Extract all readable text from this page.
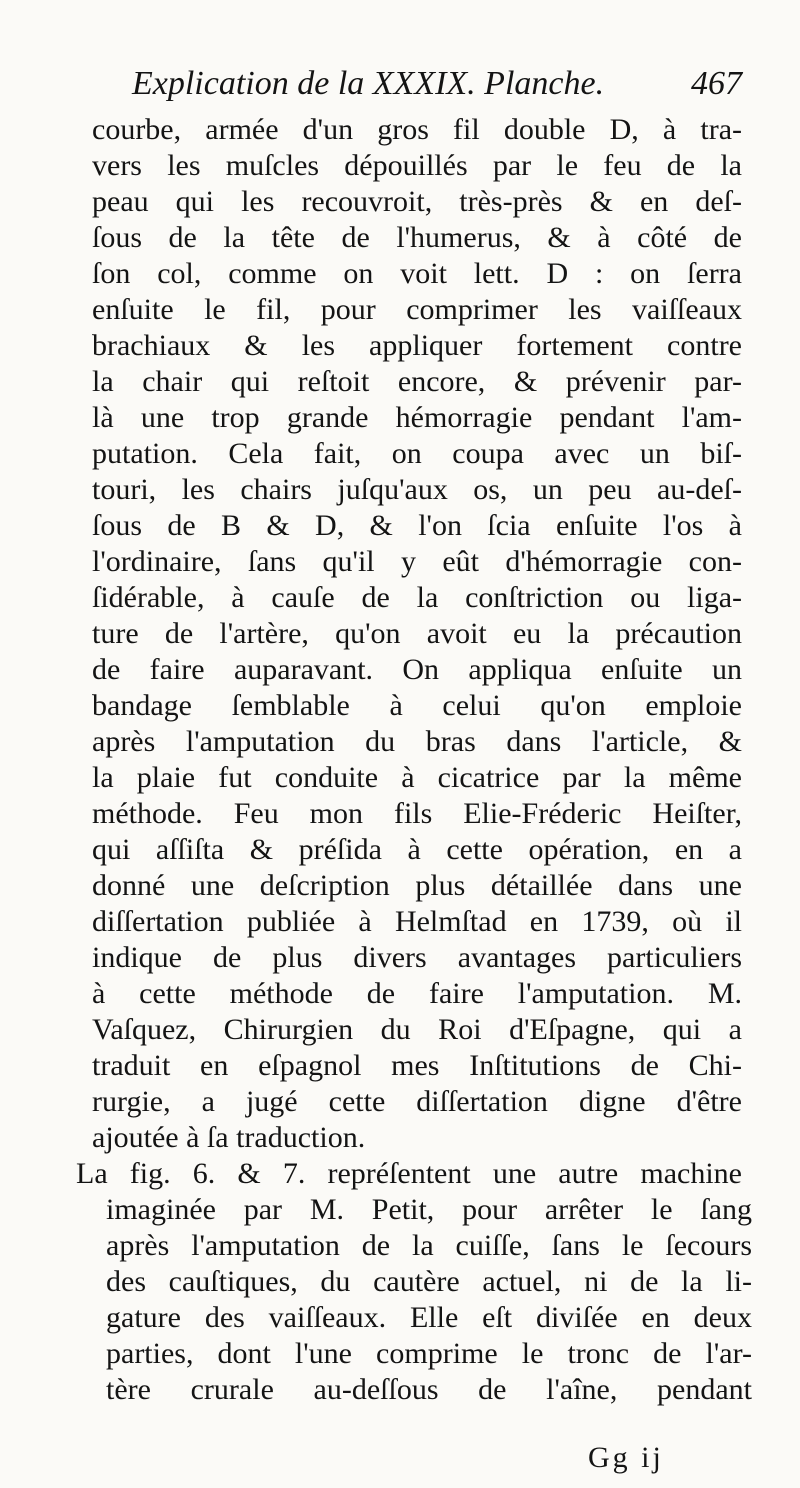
Explication de la XXXIX. Planche.	467
courbe, armée d'un gros fil double D, à tra-
vers les muſcles dépouillés par le feu de la
peau qui les recouvroit, très-près & en deſ-
ſous de la tête de l'humerus, & à côté de
ſon col, comme on voit lett. D : on ſerra
enſuite le fil, pour comprimer les vaiſſeaux
brachiaux & les appliquer fortement contre
la chair qui reſtoit encore, & prévenir par-
là une trop grande hémorragie pendant l'am-
putation. Cela fait, on coupa avec un biſ-
touri, les chairs juſqu'aux os, un peu au-deſ-
ſous de B & D, & l'on ſcia enſuite l'os à
l'ordinaire, ſans qu'il y eût d'hémorragie con-
ſidérable, à cauſe de la conſtriction ou liga-
ture de l'artère, qu'on avoit eu la précaution
de faire auparavant. On appliqua enſuite un
bandage ſemblable à celui qu'on emploie
après l'amputation du bras dans l'article, &
la plaie fut conduite à cicatrice par la même
méthode. Feu mon fils Elie-Fréderic Heiſter,
qui aſſiſta & préſida à cette opération, en a
donné une deſcription plus détaillée dans une
diſſertation publiée à Helmſtad en 1739, où il
indique de plus divers avantages particuliers
à cette méthode de faire l'amputation. M.
Vaſquez, Chirurgien du Roi d'Eſpagne, qui a
traduit en eſpagnol mes Inſtitutions de Chi-
rurgie, a jugé cette diſſertation digne d'être
ajoutée à ſa traduction.
La fig. 6. & 7. repréſentent une autre machine
imaginée par M. Petit, pour arrêter le ſang
après l'amputation de la cuiſſe, ſans le ſecours
des cauſtiques, du cautère actuel, ni de la li-
gature des vaiſſeaux. Elle eſt diviſée en deux
parties, dont l'une comprime le tronc de l'ar-
tère crurale au-deſſous de l'aîne, pendant
Gg ij
